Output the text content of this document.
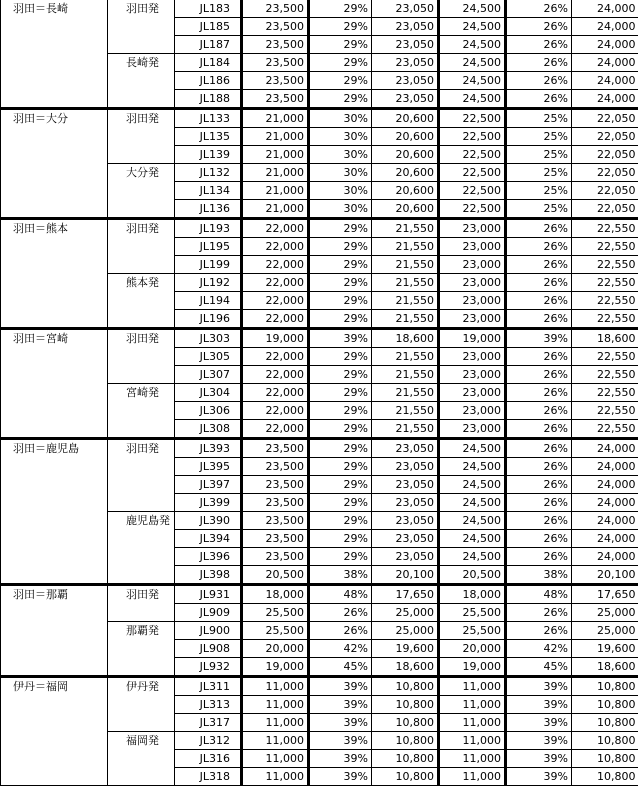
羽田＝長崎	羽田発	JL183	23,500	29%	23,050	24,500	26%	24,000
		JL185	23,500	29%	23,050	24,500	26%	24,000
		JL187	23,500	29%	23,050	24,500	26%	24,000
	長崎発	JL184	23,500	29%	23,050	24,500	26%	24,000
		JL186	23,500	29%	23,050	24,500	26%	24,000
		JL188	23,500	29%	23,050	24,500	26%	24,000
羽田＝大分	羽田発	JL133	21,000	30%	20,600	22,500	25%	22,050
		JL135	21,000	30%	20,600	22,500	25%	22,050
		JL139	21,000	30%	20,600	22,500	25%	22,050
	大分発	JL132	21,000	30%	20,600	22,500	25%	22,050
		JL134	21,000	30%	20,600	22,500	25%	22,050
		JL136	21,000	30%	20,600	22,500	25%	22,050
羽田＝熊本	羽田発	JL193	22,000	29%	21,550	23,000	26%	22,550
		JL195	22,000	29%	21,550	23,000	26%	22,550
		JL199	22,000	29%	21,550	23,000	26%	22,550
	熊本発	JL192	22,000	29%	21,550	23,000	26%	22,550
		JL194	22,000	29%	21,550	23,000	26%	22,550
		JL196	22,000	29%	21,550	23,000	26%	22,550
羽田＝宮崎	羽田発	JL303	19,000	39%	18,600	19,000	39%	18,600
		JL305	22,000	29%	21,550	23,000	26%	22,550
		JL307	22,000	29%	21,550	23,000	26%	22,550
	宮崎発	JL304	22,000	29%	21,550	23,000	26%	22,550
		JL306	22,000	29%	21,550	23,000	26%	22,550
		JL308	22,000	29%	21,550	23,000	26%	22,550
羽田＝鹿児島	羽田発	JL393	23,500	29%	23,050	24,500	26%	24,000
		JL395	23,500	29%	23,050	24,500	26%	24,000
		JL397	23,500	29%	23,050	24,500	26%	24,000
		JL399	23,500	29%	23,050	24,500	26%	24,000
	鹿児島発	JL390	23,500	29%	23,050	24,500	26%	24,000
		JL394	23,500	29%	23,050	24,500	26%	24,000
		JL396	23,500	29%	23,050	24,500	26%	24,000
		JL398	20,500	38%	20,100	20,500	38%	20,100
羽田＝那覇	羽田発	JL931	18,000	48%	17,650	18,000	48%	17,650
		JL909	25,500	26%	25,000	25,500	26%	25,000
	那覇発	JL900	25,500	26%	25,000	25,500	26%	25,000
		JL908	20,000	42%	19,600	20,000	42%	19,600
		JL932	19,000	45%	18,600	19,000	45%	18,600
伊丹＝福岡	伊丹発	JL311	11,000	39%	10,800	11,000	39%	10,800
		JL313	11,000	39%	10,800	11,000	39%	10,800
		JL317	11,000	39%	10,800	11,000	39%	10,800
	福岡発	JL312	11,000	39%	10,800	11,000	39%	10,800
		JL316	11,000	39%	10,800	11,000	39%	10,800
		JL318	11,000	39%	10,800	11,000	39%	10,800
